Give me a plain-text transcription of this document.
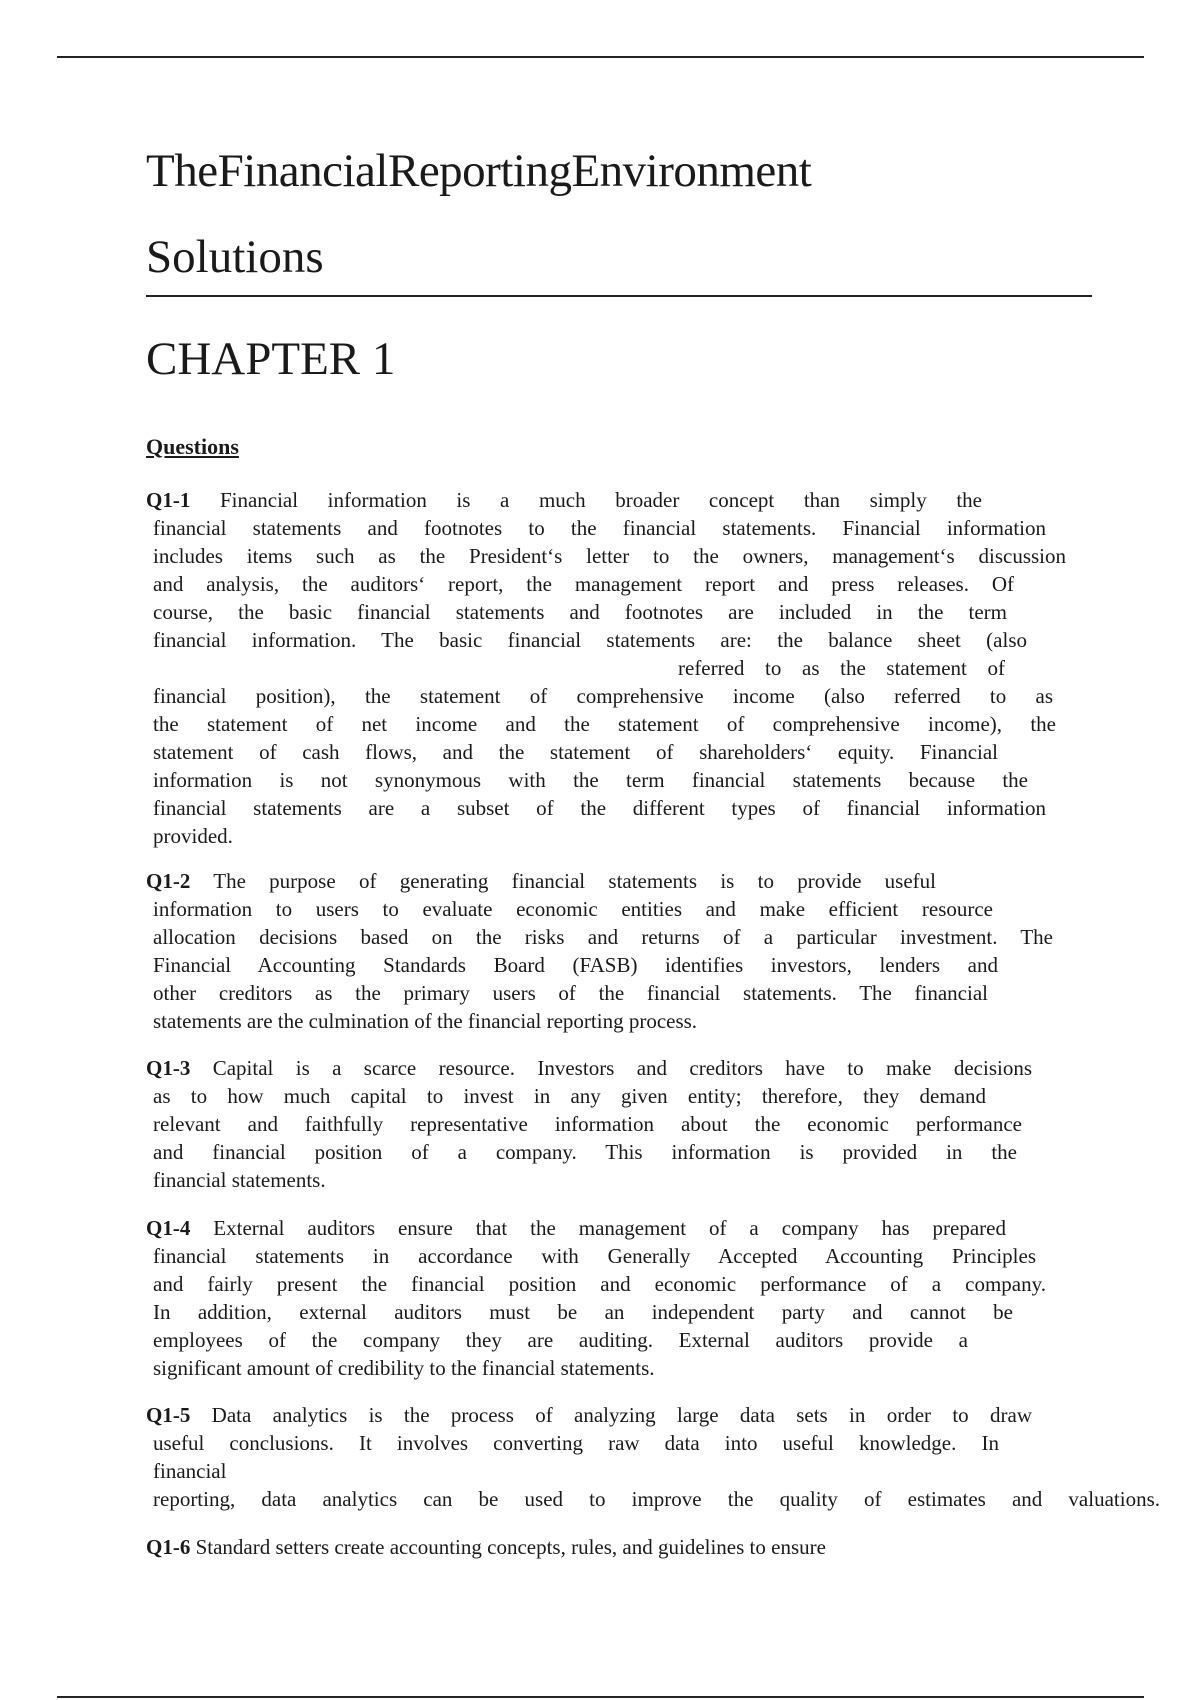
TheFinancialReportingEnvironment
Solutions
CHAPTER 1
Questions
Q1-1 Financial information is a much broader concept than simply the
financial statements and footnotes to the financial statements. Financial information
includes items such as the President‘s letter to the owners, management‘s discussion
and analysis, the auditors‘ report, the management report and press releases. Of
course, the basic financial statements and footnotes are included in the term
financial information. The basic financial statements are: the balance sheet (also
referred to as the statement of
financial position), the statement of comprehensive income (also referred to as
the statement of net income and the statement of comprehensive income), the
statement of cash flows, and the statement of shareholders‘ equity. Financial
information is not synonymous with the term financial statements because the
financial statements are a subset of the different types of financial information
provided.
Q1-2 The purpose of generating financial statements is to provide useful
information to users to evaluate economic entities and make efficient resource
allocation decisions based on the risks and returns of a particular investment. The
Financial Accounting Standards Board (FASB) identifies investors, lenders and
other creditors as the primary users of the financial statements. The financial
statements are the culmination of the financial reporting process.
Q1-3 Capital is a scarce resource. Investors and creditors have to make decisions
as to how much capital to invest in any given entity; therefore, they demand
relevant and faithfully representative information about the economic performance
and financial position of a company. This information is provided in the
financial statements.
Q1-4 External auditors ensure that the management of a company has prepared
financial statements in accordance with Generally Accepted Accounting Principles
and fairly present the financial position and economic performance of a company.
In addition, external auditors must be an independent party and cannot be
employees of the company they are auditing. External auditors provide a
significant amount of credibility to the financial statements.
Q1-5 Data analytics is the process of analyzing large data sets in order to draw
useful conclusions. It involves converting raw data into useful knowledge. In
financial
reporting, data analytics can be used to improve the quality of estimates and valuations.
Q1-6 Standard setters create accounting concepts, rules, and guidelines to ensure
